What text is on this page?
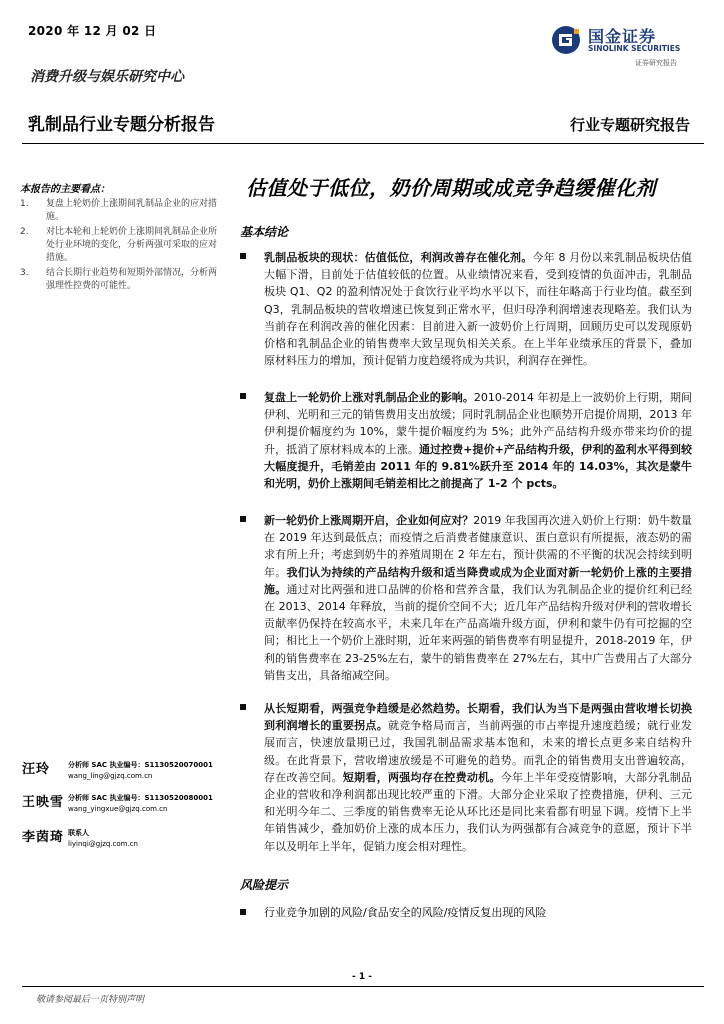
2020 年 12 月 02 日
消费升级与娱乐研究中心
乳制品行业专题分析报告	行业专题研究报告
国金证券
SINOLINK SECURITIES
证券研究报告
本报告的主要看点：
1. 复盘上轮奶价上涨期间乳制品企业的应对措施。
2. 对比本轮和上轮奶价上涨期间乳制品企业所处行业环境的变化，分析两强可采取的应对措施。
3. 结合长期行业趋势和短期外部情况，分析两强理性控费的可能性。
汪玲	分析师 SAC 执业编号：S1130520070001
wang_ling@gjzq.com.cn
王映雪 分析师 SAC 执业编号：S1130520080001
wang_yingxue@gjzq.com.cn
李茵琦 联系人
liyinqi@gjzq.com.cn
估值处于低位，奶价周期或成竞争趋缓催化剂
基本结论

乳制品板块的现状：估值低位，利润改善存在催化剂。今年 8 月份以来乳制品板块估值大幅下滑，目前处于估值较低的位置。从业绩情况来看，受到疫情的负面冲击，乳制品板块 Q1、Q2 的盈利情况处于食饮行业平均水平以下，而往年略高于行业均值。截至到 Q3，乳制品板块的营收增速已恢复到正常水平，但归母净利润增速表现略差。我们认为当前存在利润改善的催化因素：目前进入新一波奶价上行周期，回顾历史可以发现原奶价格和乳制品企业的销售费率大致呈现负相关关系。在上半年业绩承压的背景下，叠加原材料压力的增加，预计促销力度趋缓将成为共识，利润存在弹性。

复盘上一轮奶价上涨对乳制品企业的影响。2010-2014 年初是上一波奶价上行期，期间伊利、光明和三元的销售费用支出放缓；同时乳制品企业也顺势开启提价周期，2013 年伊利提价幅度约为 10%，蒙牛提价幅度约为 5%；此外产品结构升级亦带来均价的提升，抵消了原材料成本的上涨。通过控费+提价+产品结构升级，伊利的盈利水平得到较大幅度提升，毛销差由 2011 年的 9.81%跃升至 2014 年的 14.03%，其次是蒙牛和光明，奶价上涨期间毛销差相比之前提高了 1-2 个 pcts。

新一轮奶价上涨周期开启，企业如何应对？2019 年我国再次进入奶价上行期：奶牛数量在 2019 年达到最低点；而疫情之后消费者健康意识、蛋白意识有所提振，液态奶的需求有所上升；考虑到奶牛的养殖周期在 2 年左右，预计供需的不平衡的状况会持续到明年。我们认为持续的产品结构升级和适当降费或成为企业面对新一轮奶价上涨的主要措施。通过对比两强和进口品牌的价格和营养含量，我们认为乳制品企业的提价红利已经在 2013、2014 年释放，当前的提价空间不大；近几年产品结构升级对伊利的营收增长贡献率仍保持在较高水平，未来几年在产品高端升级方面，伊利和蒙牛仍有可挖掘的空间；相比上一个奶价上涨时期，近年来两强的销售费率有明显提升，2018-2019 年，伊利的销售费率在 23-25%左右，蒙牛的销售费率在 27%左右，其中广告费用占了大部分销售支出，具备缩减空间。

从长短期看，两强竞争趋缓是必然趋势。长期看，我们认为当下是两强由营收增长切换到利润增长的重要拐点。就竞争格局而言，当前两强的市占率提升速度趋缓；就行业发展而言，快速放量期已过，我国乳制品需求基本饱和，未来的增长点更多来自结构升级。在此背景下，营收增速放缓是不可避免的趋势。而乳企的销售费用支出普遍较高，存在改善空间。短期看，两强均存在控费动机。今年上半年受疫情影响，大部分乳制品企业的营收和净利润都出现比较严重的下滑。大部分企业采取了控费措施，伊利、三元和光明今年二、三季度的销售费率无论从环比还是同比来看都有明显下调。疫情下上半年销售减少，叠加奶价上涨的成本压力，我们认为两强都有合减竞争的意愿，预计下半年以及明年上半年，促销力度会相对理性。

风险提示

行业竞争加剧的风险/食品安全的风险/疫情反复出现的风险

- 1 -
敬请参阅最后一页特别声明
